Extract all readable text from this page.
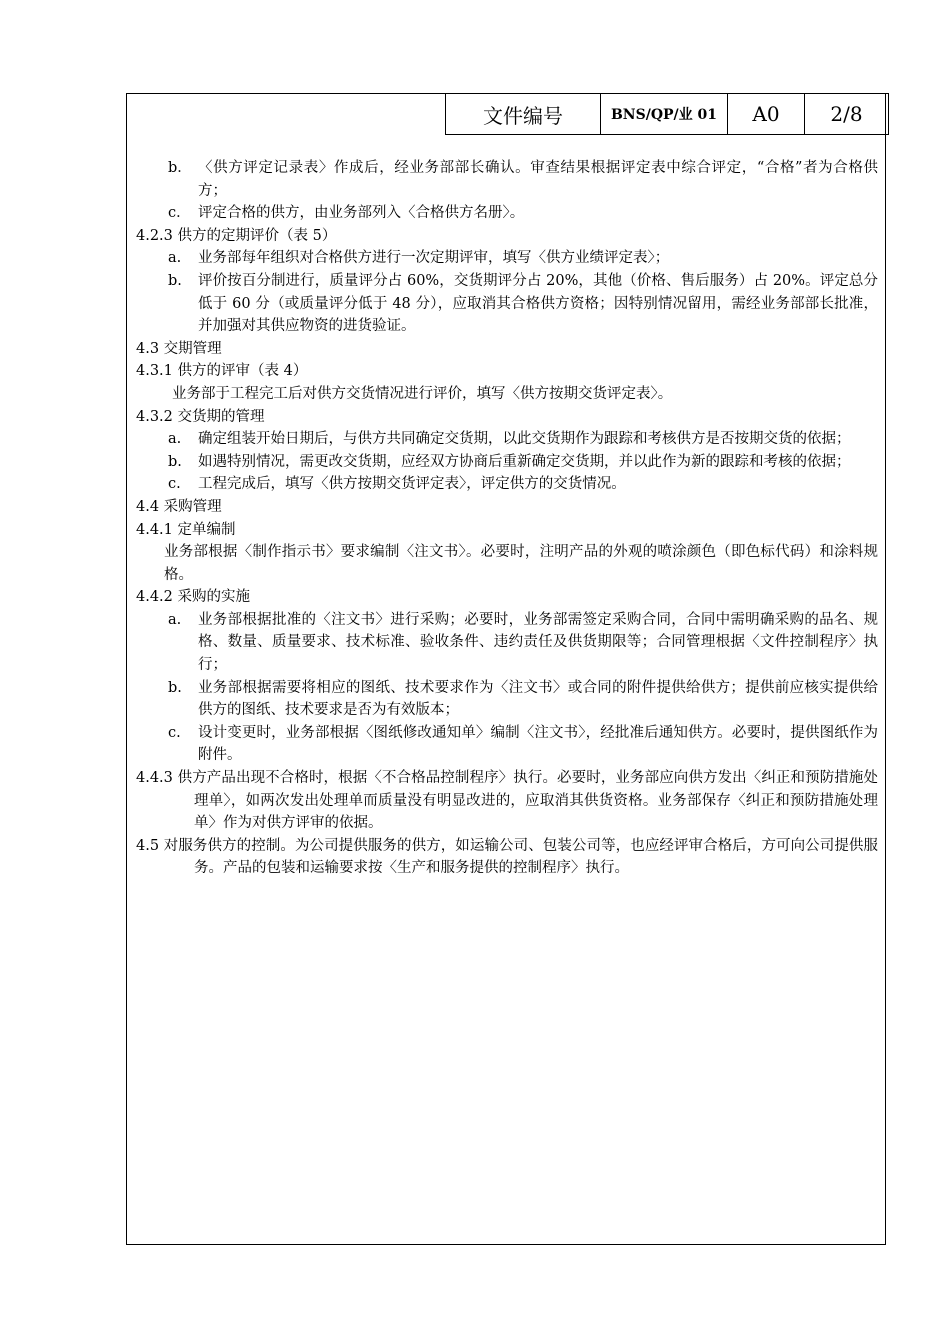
文件编号	BNS/QP/业 01	A0	2/8
b． 〈供方评定记录表〉作成后，经业务部部长确认。审查结果根据评定表中综合评定，“合格”者为合格供方；
c． 评定合格的供方，由业务部列入〈合格供方名册〉。
4.2.3 供方的定期评价（表 5）
a.	业务部每年组织对合格供方进行一次定期评审，填写〈供方业绩评定表〉；
b.	评价按百分制进行，质量评分占 60%，交货期评分占 20%，其他（价格、售后服务）占 20%。评定总分低于 60 分（或质量评分低于 48 分），应取消其合格供方资格；因特别情况留用，需经业务部部长批准，并加强对其供应物资的进货验证。
4.3 交期管理
4.3.1 供方的评审（表 4）
业务部于工程完工后对供方交货情况进行评价，填写〈供方按期交货评定表〉。
4.3.2 交货期的管理
a.	确定组装开始日期后，与供方共同确定交货期，以此交货期作为跟踪和考核供方是否按期交货的依据；
b.	如遇特别情况，需更改交货期，应经双方协商后重新确定交货期，并以此作为新的跟踪和考核的依据；
c.	工程完成后，填写〈供方按期交货评定表〉，评定供方的交货情况。
4.4 采购管理
4.4.1 定单编制
业务部根据〈制作指示书〉要求编制〈注文书〉。必要时，注明产品的外观的喷涂颜色（即色标代码）和涂料规格。
4.4.2 采购的实施
a.	业务部根据批准的〈注文书〉进行采购；必要时，业务部需签定采购合同，合同中需明确采购的品名、规格、数量、质量要求、技术标准、验收条件、违约责任及供货期限等；合同管理根据〈文件控制程序〉执行；
b.	业务部根据需要将相应的图纸、技术要求作为〈注文书〉或合同的附件提供给供方；提供前应核实提供给供方的图纸、技术要求是否为有效版本；
c.	设计变更时，业务部根据〈图纸修改通知单〉编制〈注文书〉，经批准后通知供方。必要时，提供图纸作为附件。
4.4.3 供方产品出现不合格时，根据〈不合格品控制程序〉执行。必要时，业务部应向供方发出〈纠正和预防措施处理单〉，如两次发出处理单而质量没有明显改进的，应取消其供货资格。业务部保存〈纠正和预防措施处理单〉作为对供方评审的依据。
4.5 对服务供方的控制。为公司提供服务的供方，如运输公司、包装公司等，也应经评审合格后，方可向公司提供服务。产品的包装和运输要求按〈生产和服务提供的控制程序〉执行。
